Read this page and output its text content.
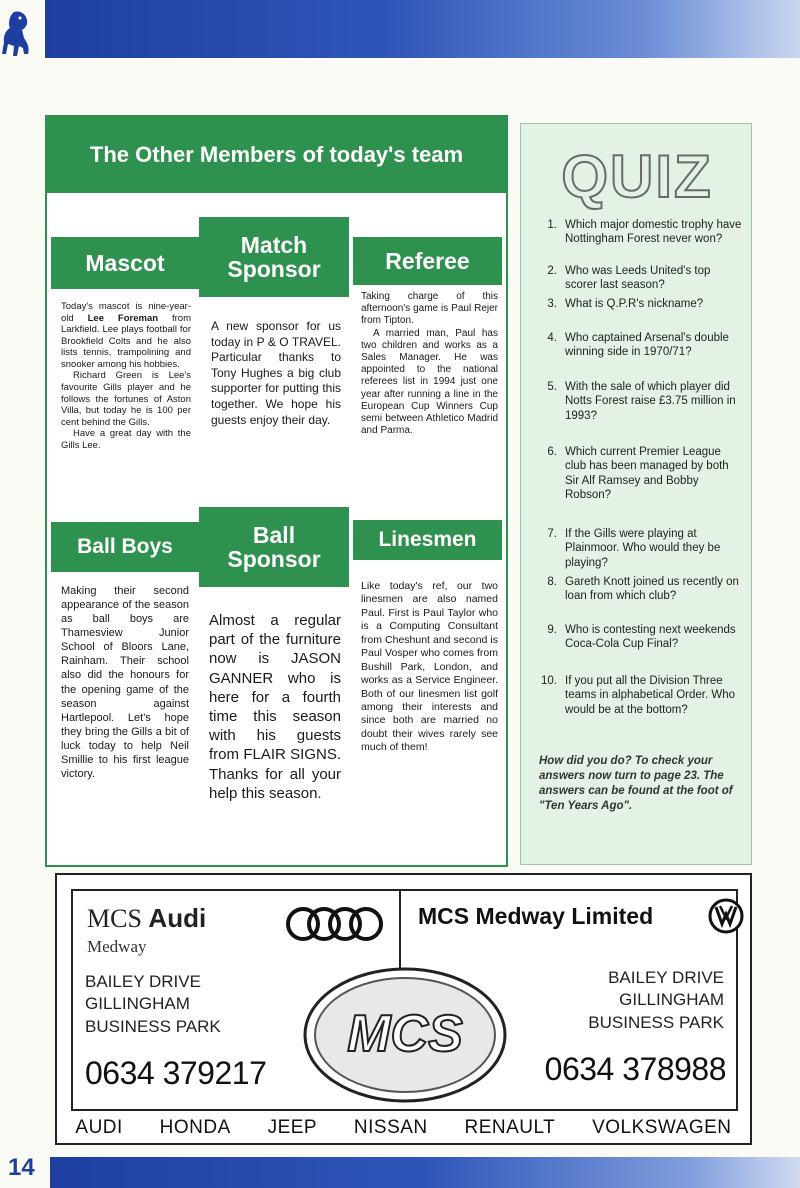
The Other Members of today's team
Mascot
Today's mascot is nine-year-old Lee Foreman from Larkfield. Lee plays football for Brookfield Colts and he also lists tennis, trampolining and snooker among his hobbies.
Richard Green is Lee's favourite Gills player and he follows the fortunes of Aston Villa, but today he is 100 per cent behind the Gills.
Have a great day with the Gills Lee.
Match Sponsor
A new sponsor for us today in P & O TRAVEL. Particular thanks to Tony Hughes a big club supporter for putting this together. We hope his guests enjoy their day.
Referee
Taking charge of this afternoon's game is Paul Rejer from Tipton.
A married man, Paul has two children and works as a Sales Manager. He was appointed to the national referees list in 1994 just one year after running a line in the European Cup Winners Cup semi between Athletico Madrid and Parma.
Ball Boys
Making their second appearance of the season as ball boys are Thamesview Junior School of Bloors Lane, Rainham. Their school also did the honours for the opening game of the season against Hartlepool. Let's hope they bring the Gills a bit of luck today to help Neil Smillie to his first league victory.
Ball Sponsor
Almost a regular part of the furniture now is JASON GANNER who is here for a fourth time this season with his guests from FLAIR SIGNS. Thanks for all your help this season.
Linesmen
Like today's ref, our two linesmen are also named Paul. First is Paul Taylor who is a Computing Consultant from Cheshunt and second is Paul Vosper who comes from Bushill Park, London, and works as a Service Engineer. Both of our linesmen list golf among their interests and since both are married no doubt their wives rarely see much of them!
QUIZ
1. Which major domestic trophy have Nottingham Forest never won?
2. Who was Leeds United's top scorer last season?
3. What is Q.P.R's nickname?
4. Who captained Arsenal's double winning side in 1970/71?
5. With the sale of which player did Notts Forest raise £3.75 million in 1993?
6. Which current Premier League club has been managed by both Sir Alf Ramsey and Bobby Robson?
7. If the Gills were playing at Plainmoor. Who would they be playing?
8. Gareth Knott joined us recently on loan from which club?
9. Who is contesting next weekends Coca-Cola Cup Final?
10. If you put all the Division Three teams in alphabetical Order. Who would be at the bottom?
How did you do? To check your answers now turn to page 23. The answers can be found at the foot of "Ten Years Ago".
MCS Audi
Medway
MCS Medway Limited
BAILEY DRIVE
GILLINGHAM
BUSINESS PARK
BAILEY DRIVE
GILLINGHAM
BUSINESS PARK
0634 379217	0634 378988
MCS
AUDI HONDA JEEP NISSAN RENAULT VOLKSWAGEN
14
